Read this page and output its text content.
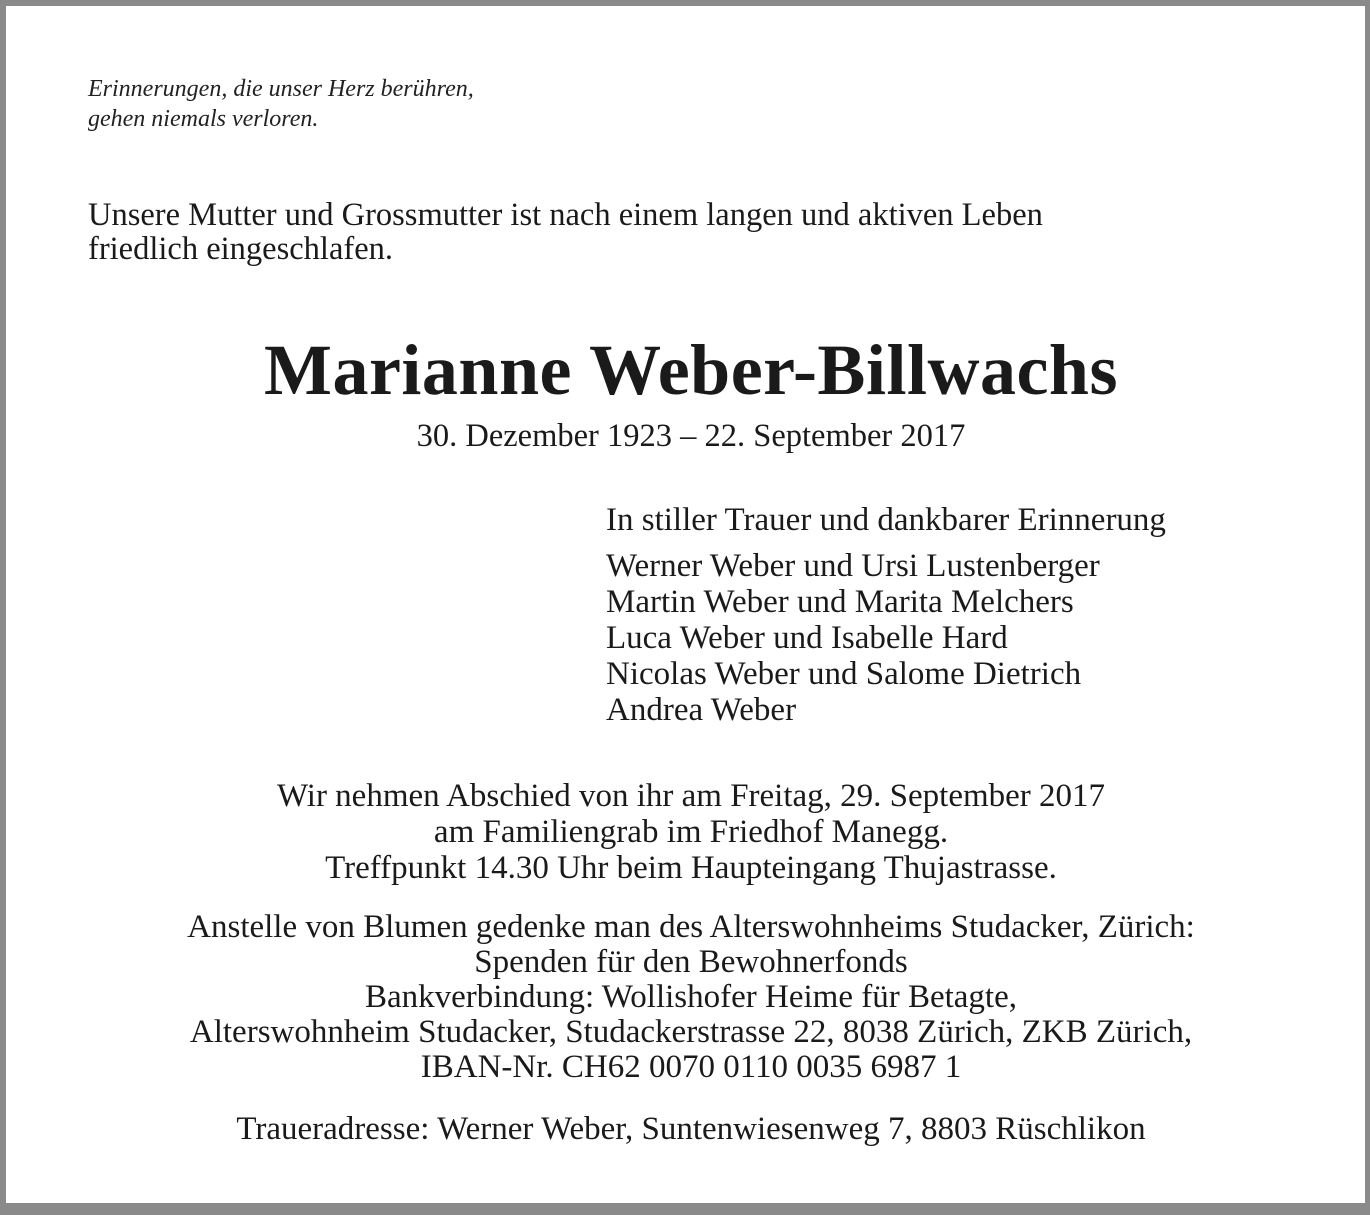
Erinnerungen, die unser Herz berühren,
gehen niemals verloren.
Unsere Mutter und Grossmutter ist nach einem langen und aktiven Leben
friedlich eingeschlafen.
Marianne Weber-Billwachs
30. Dezember 1923 – 22. September 2017
In stiller Trauer und dankbarer Erinnerung
Werner Weber und Ursi Lustenberger
Martin Weber und Marita Melchers
Luca Weber und Isabelle Hard
Nicolas Weber und Salome Dietrich
Andrea Weber
Wir nehmen Abschied von ihr am Freitag, 29. September 2017
am Familiengrab im Friedhof Manegg.
Treffpunkt 14.30 Uhr beim Haupteingang Thujastrasse.
Anstelle von Blumen gedenke man des Alterswohnheims Studacker, Zürich:
Spenden für den Bewohnerfonds
Bankverbindung: Wollishofer Heime für Betagte,
Alterswohnheim Studacker, Studackerstrasse 22, 8038 Zürich, ZKB Zürich,
IBAN-Nr. CH62 0070 0110 0035 6987 1
Traueradresse: Werner Weber, Suntenwiesenweg 7, 8803 Rüschlikon
